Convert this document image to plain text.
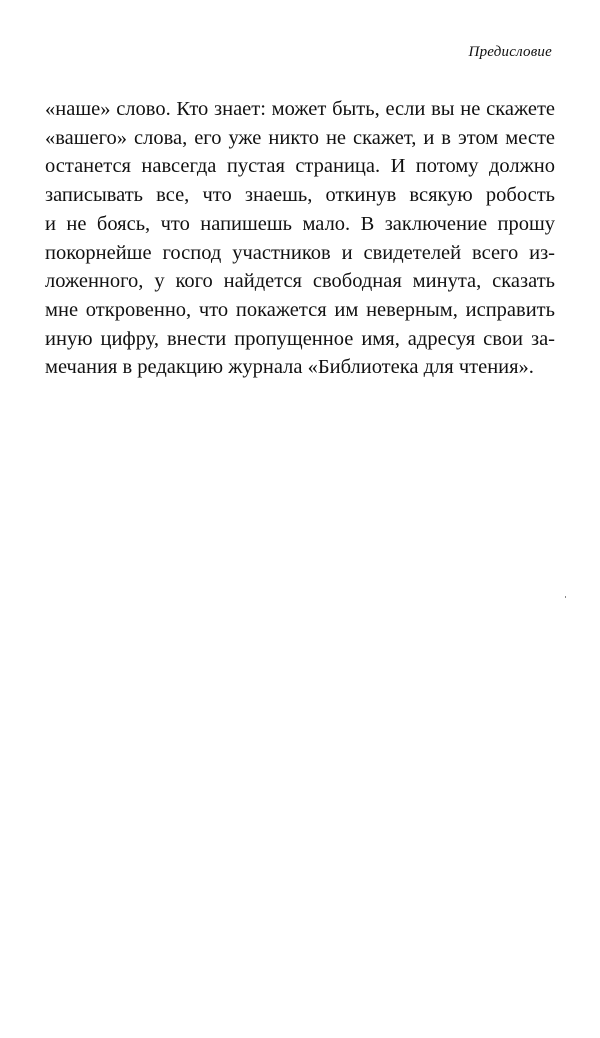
Предисловие
«наше» слово. Кто знает: может быть, если вы не скажете
«вашего» слова, его уже никто не скажет, и в этом месте
останется навсегда пустая страница. И потому должно
записывать все, что знаешь, откинув всякую робость
и не боясь, что напишешь мало. В заключение прошу
покорнейше господ участников и свидетелей всего из-
ложенного, у кого найдется свободная минута, сказать
мне откровенно, что покажется им неверным, исправить
иную цифру, внести пропущенное имя, адресуя свои за-
мечания в редакцию журнала «Библиотека для чтения».
